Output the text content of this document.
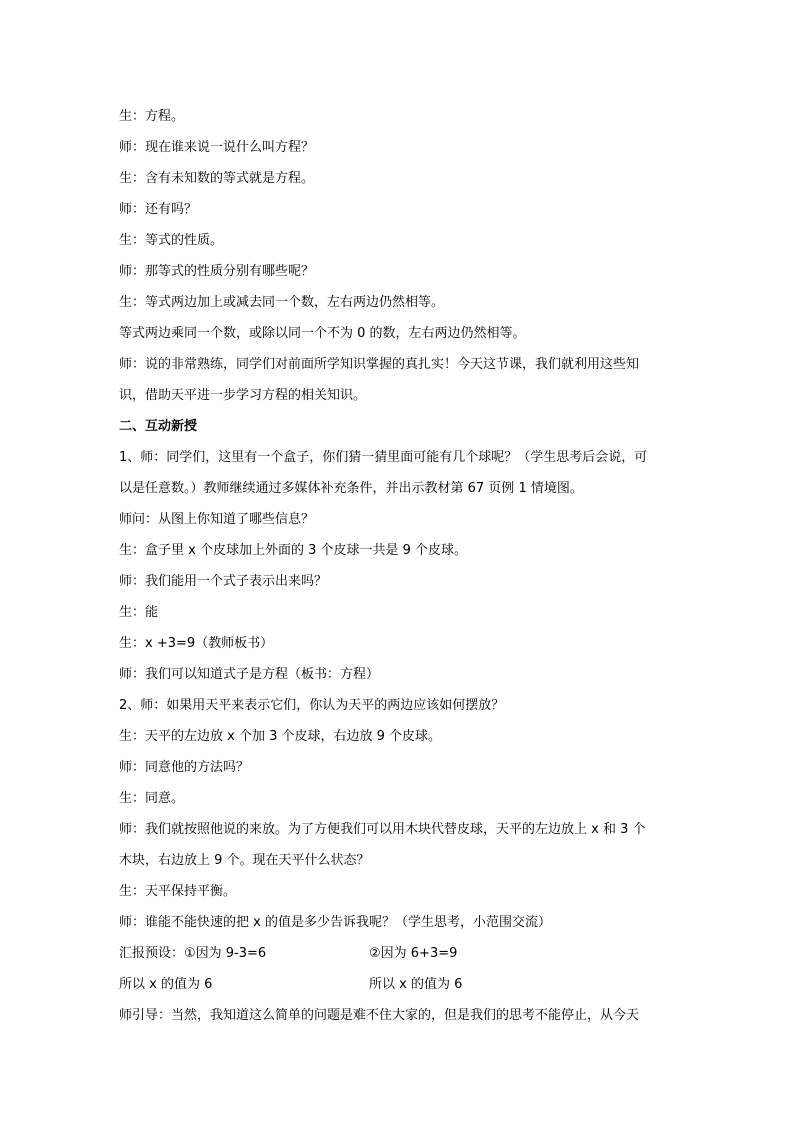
生：方程。
师：现在谁来说一说什么叫方程？
生：含有未知数的等式就是方程。
师：还有吗？
生：等式的性质。
师：那等式的性质分别有哪些呢？
生：等式两边加上或减去同一个数，左右两边仍然相等。
等式两边乘同一个数，或除以同一个不为 0 的数，左右两边仍然相等。
师：说的非常熟练，同学们对前面所学知识掌握的真扎实！今天这节课，我们就利用这些知
识，借助天平进一步学习方程的相关知识。
二、互动新授
1、师：同学们，这里有一个盒子，你们猜一猜里面可能有几个球呢？（学生思考后会说，可
以是任意数。）教师继续通过多媒体补充条件，并出示教材第 67 页例 1 情境图。
师问：从图上你知道了哪些信息？
生：盒子里 x 个皮球加上外面的 3 个皮球一共是 9 个皮球。
师：我们能用一个式子表示出来吗？
生：能
生：x +3=9（教师板书）
师：我们可以知道式子是方程（板书：方程）
2、师：如果用天平来表示它们，你认为天平的两边应该如何摆放？
生：天平的左边放 x 个加 3 个皮球，右边放 9 个皮球。
师：同意他的方法吗？
生：同意。
师：我们就按照他说的来放。为了方便我们可以用木块代替皮球，天平的左边放上 x 和 3 个
木块，右边放上 9 个。现在天平什么状态？
生：天平保持平衡。
师：谁能不能快速的把 x 的值是多少告诉我呢？（学生思考，小范围交流）
汇报预设：①因为 9-3=6	②因为 6+3=9
所以 x 的值为 6	所以 x 的值为 6
师引导：当然，我知道这么简单的问题是难不住大家的，但是我们的思考不能停止，从今天
